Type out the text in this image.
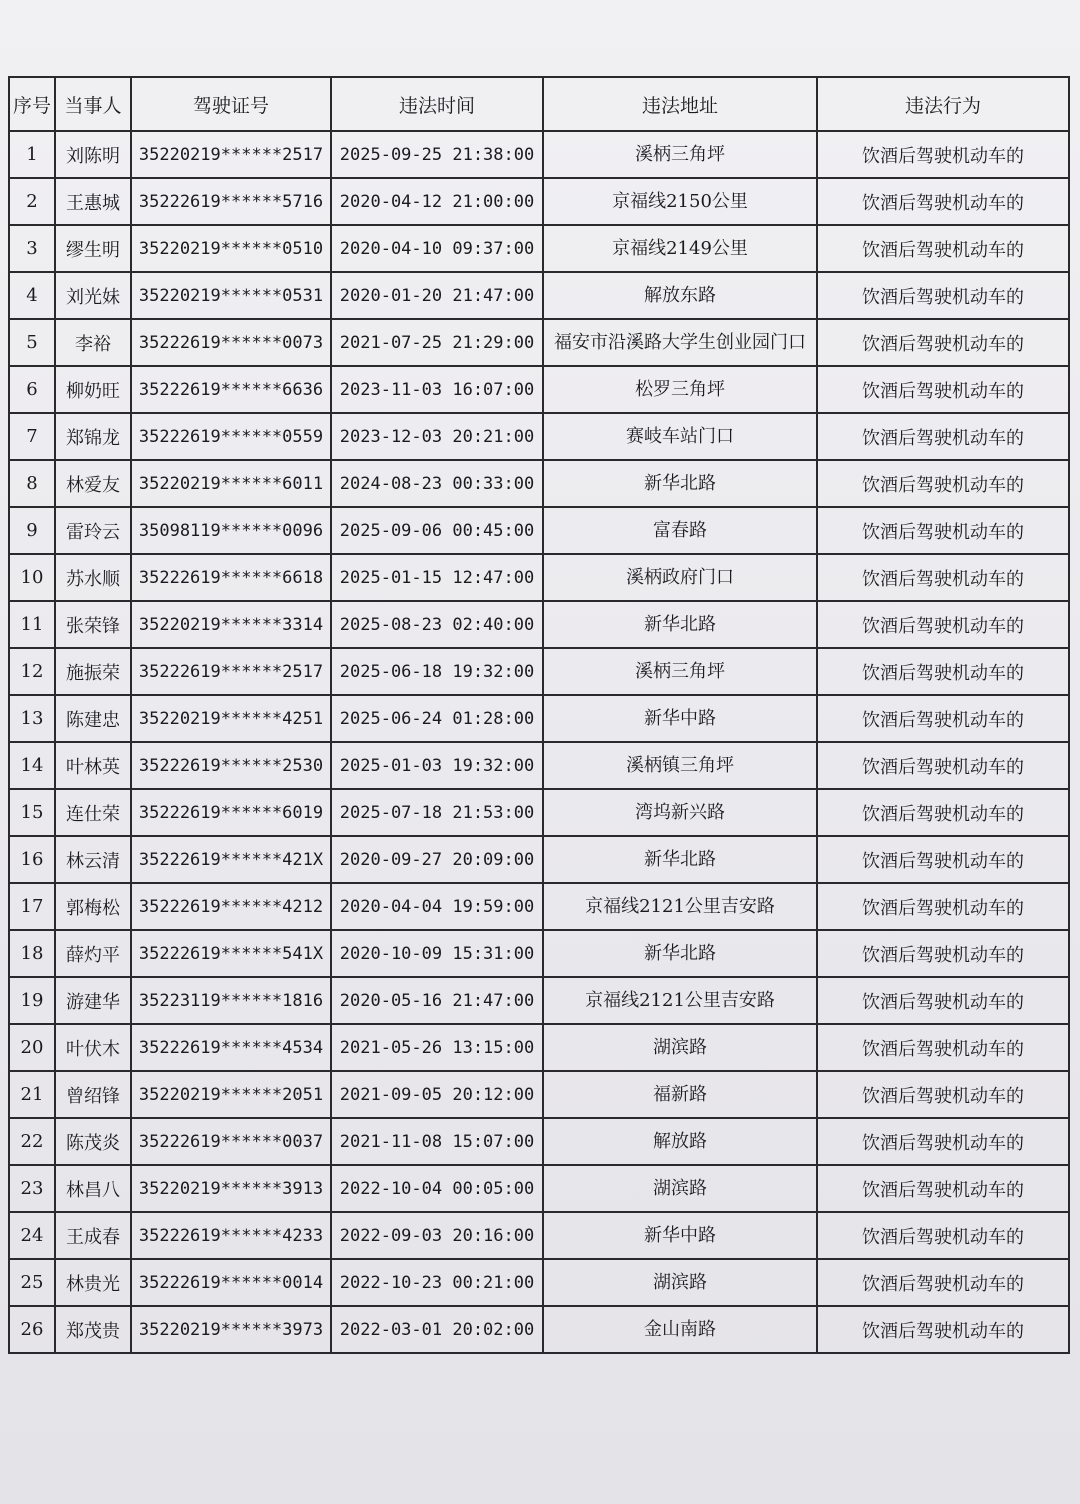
序号	当事人	驾驶证号	违法时间	违法地址	违法行为
1	刘陈明	35220219******2517	2025-09-25 21:38:00	溪柄三角坪	饮酒后驾驶机动车的
2	王惠城	35222619******5716	2020-04-12 21:00:00	京福线2150公里	饮酒后驾驶机动车的
3	缪生明	35220219******0510	2020-04-10 09:37:00	京福线2149公里	饮酒后驾驶机动车的
4	刘光妹	35220219******0531	2020-01-20 21:47:00	解放东路	饮酒后驾驶机动车的
5	李裕	35222619******0073	2021-07-25 21:29:00	福安市沿溪路大学生创业园门口	饮酒后驾驶机动车的
6	柳奶旺	35222619******6636	2023-11-03 16:07:00	松罗三角坪	饮酒后驾驶机动车的
7	郑锦龙	35222619******0559	2023-12-03 20:21:00	赛岐车站门口	饮酒后驾驶机动车的
8	林爱友	35220219******6011	2024-08-23 00:33:00	新华北路	饮酒后驾驶机动车的
9	雷玲云	35098119******0096	2025-09-06 00:45:00	富春路	饮酒后驾驶机动车的
10	苏水顺	35222619******6618	2025-01-15 12:47:00	溪柄政府门口	饮酒后驾驶机动车的
11	张荣锋	35220219******3314	2025-08-23 02:40:00	新华北路	饮酒后驾驶机动车的
12	施振荣	35222619******2517	2025-06-18 19:32:00	溪柄三角坪	饮酒后驾驶机动车的
13	陈建忠	35220219******4251	2025-06-24 01:28:00	新华中路	饮酒后驾驶机动车的
14	叶林英	35222619******2530	2025-01-03 19:32:00	溪柄镇三角坪	饮酒后驾驶机动车的
15	连仕荣	35222619******6019	2025-07-18 21:53:00	湾坞新兴路	饮酒后驾驶机动车的
16	林云清	35222619******421X	2020-09-27 20:09:00	新华北路	饮酒后驾驶机动车的
17	郭梅松	35222619******4212	2020-04-04 19:59:00	京福线2121公里吉安路	饮酒后驾驶机动车的
18	薛灼平	35222619******541X	2020-10-09 15:31:00	新华北路	饮酒后驾驶机动车的
19	游建华	35223119******1816	2020-05-16 21:47:00	京福线2121公里吉安路	饮酒后驾驶机动车的
20	叶伏木	35222619******4534	2021-05-26 13:15:00	湖滨路	饮酒后驾驶机动车的
21	曾绍锋	35220219******2051	2021-09-05 20:12:00	福新路	饮酒后驾驶机动车的
22	陈茂炎	35222619******0037	2021-11-08 15:07:00	解放路	饮酒后驾驶机动车的
23	林昌八	35220219******3913	2022-10-04 00:05:00	湖滨路	饮酒后驾驶机动车的
24	王成春	35222619******4233	2022-09-03 20:16:00	新华中路	饮酒后驾驶机动车的
25	林贵光	35222619******0014	2022-10-23 00:21:00	湖滨路	饮酒后驾驶机动车的
26	郑茂贵	35220219******3973	2022-03-01 20:02:00	金山南路	饮酒后驾驶机动车的
